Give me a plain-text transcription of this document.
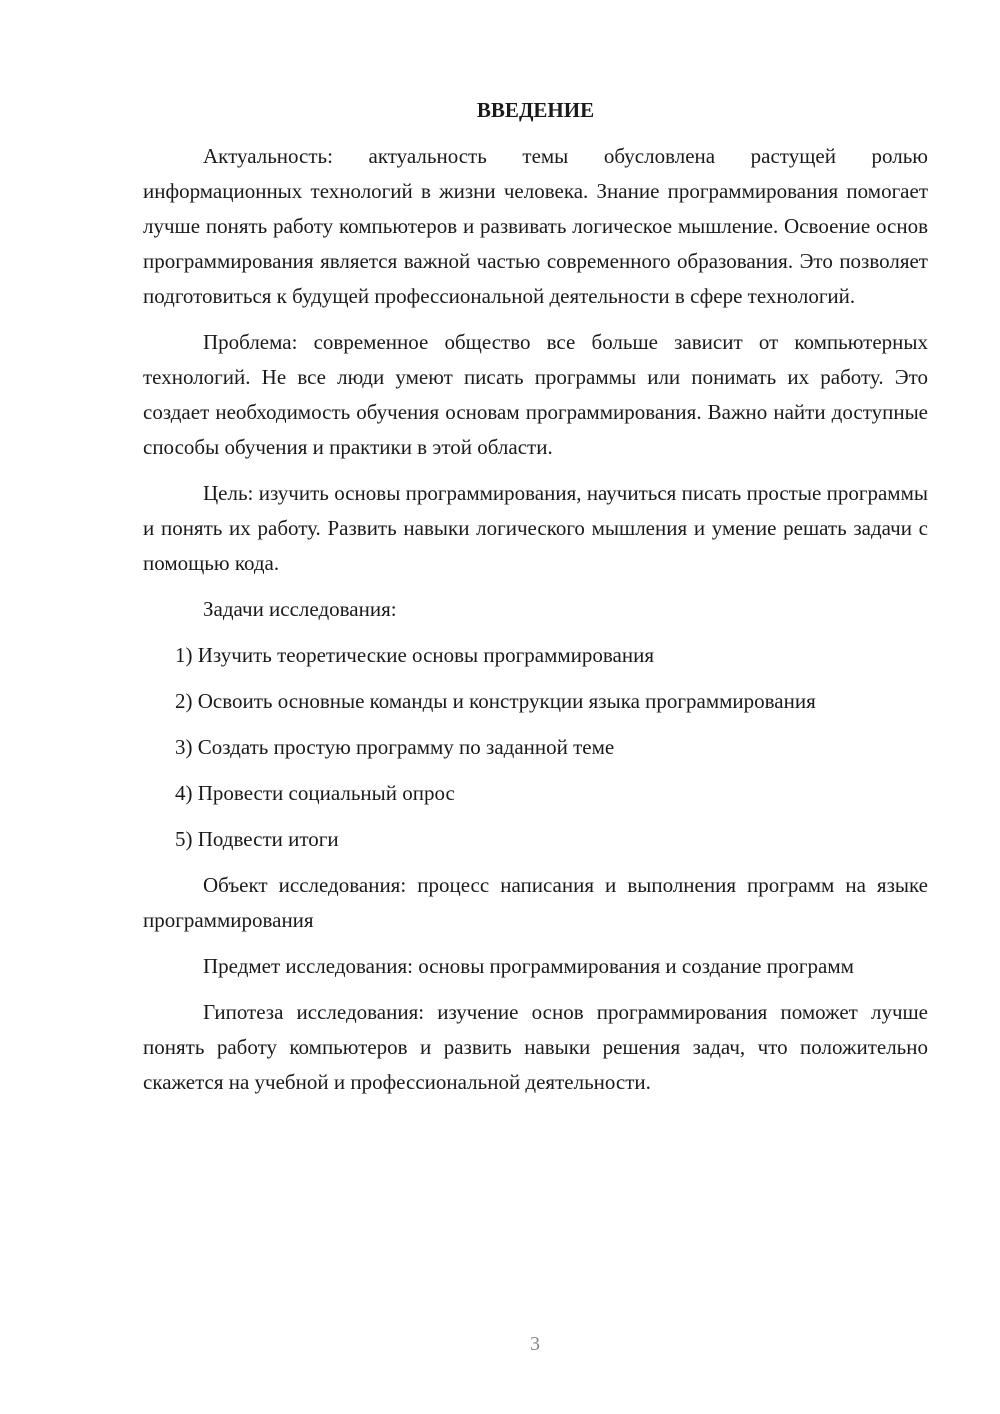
ВВЕДЕНИЕ

Актуальность: актуальность темы обусловлена растущей ролью информационных технологий в жизни человека. Знание программирования помогает лучше понять работу компьютеров и развивать логическое мышление. Освоение основ программирования является важной частью современного образования. Это позволяет подготовиться к будущей профессиональной деятельности в сфере технологий.

Проблема: современное общество все больше зависит от компьютерных технологий. Не все люди умеют писать программы или понимать их работу. Это создает необходимость обучения основам программирования. Важно найти доступные способы обучения и практики в этой области.

Цель: изучить основы программирования, научиться писать простые программы и понять их работу. Развить навыки логического мышления и умение решать задачи с помощью кода.

Задачи исследования:

1) Изучить теоретические основы программирования

2) Освоить основные команды и конструкции языка программирования

3) Создать простую программу по заданной теме

4) Провести социальный опрос

5) Подвести итоги

Объект исследования: процесс написания и выполнения программ на языке программирования

Предмет исследования: основы программирования и создание программ

Гипотеза исследования: изучение основ программирования поможет лучше понять работу компьютеров и развить навыки решения задач, что положительно скажется на учебной и профессиональной деятельности.

3
